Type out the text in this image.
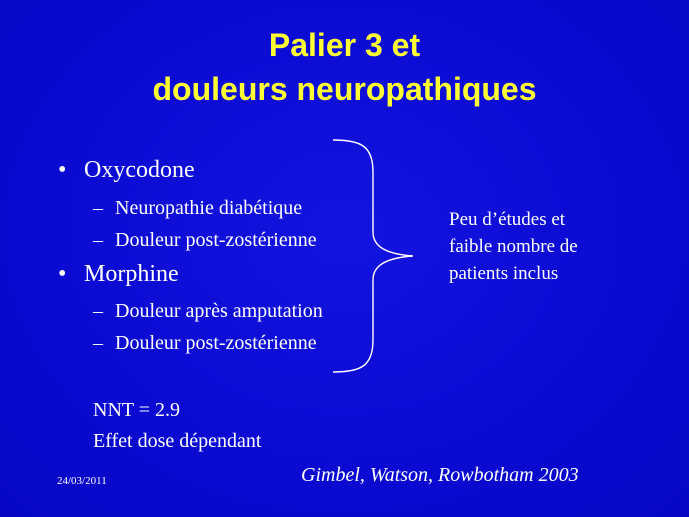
Palier 3 et
douleurs neuropathiques
• Oxycodone
– Neuropathie diabétique
– Douleur post-zostérienne
• Morphine
– Douleur après amputation
– Douleur post-zostérienne
Peu d’études et
faible nombre de
patients inclus
NNT = 2.9
Effet dose dépendant
24/03/2011	Gimbel, Watson, Rowbotham 2003
